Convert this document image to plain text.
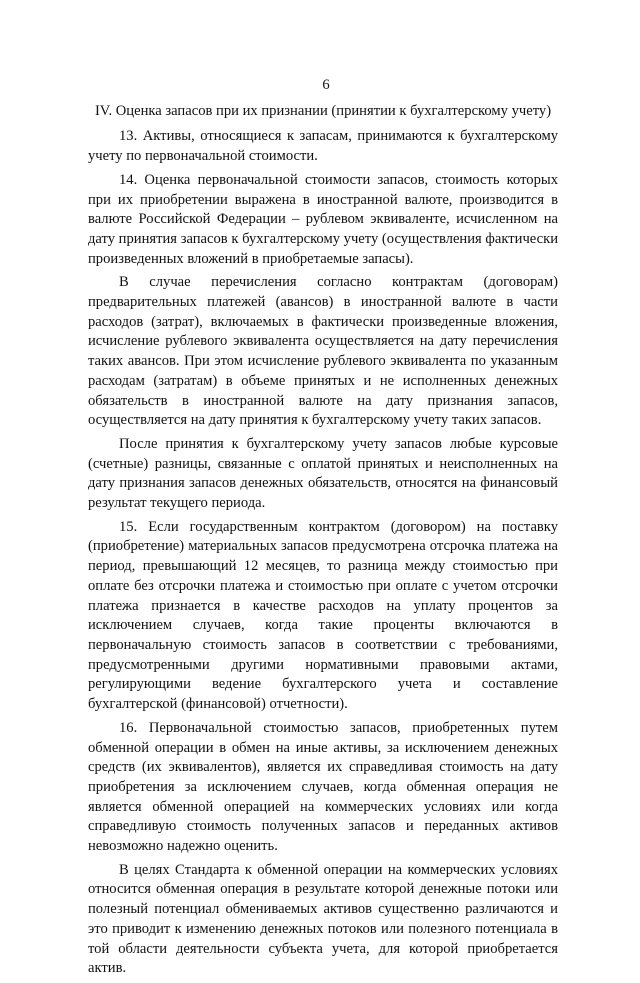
6
IV. Оценка запасов при их признании (принятии к бухгалтерскому учету)

13. Активы, относящиеся к запасам, принимаются к бухгалтерскому учету по первоначальной стоимости.

14. Оценка первоначальной стоимости запасов, стоимость которых при их приобретении выражена в иностранной валюте, производится в валюте Российской Федерации – рублевом эквиваленте, исчисленном на дату принятия запасов к бухгалтерскому учету (осуществления фактически произведенных вложений в приобретаемые запасы).

В случае перечисления согласно контрактам (договорам) предварительных платежей (авансов) в иностранной валюте в части расходов (затрат), включаемых в фактически произведенные вложения, исчисление рублевого эквивалента осуществляется на дату перечисления таких авансов. При этом исчисление рублевого эквивалента по указанным расходам (затратам) в объеме принятых и не исполненных денежных обязательств в иностранной валюте на дату признания запасов, осуществляется на дату принятия к бухгалтерскому учету таких запасов.

После принятия к бухгалтерскому учету запасов любые курсовые (счетные) разницы, связанные с оплатой принятых и неисполненных на дату признания запасов денежных обязательств, относятся на финансовый результат текущего периода.

15. Если государственным контрактом (договором) на поставку (приобретение) материальных запасов предусмотрена отсрочка платежа на период, превышающий 12 месяцев, то разница между стоимостью при оплате без отсрочки платежа и стоимостью при оплате с учетом отсрочки платежа признается в качестве расходов на уплату процентов за исключением случаев, когда такие проценты включаются в первоначальную стоимость запасов в соответствии с требованиями, предусмотренными другими нормативными правовыми актами, регулирующими ведение бухгалтерского учета и составление бухгалтерской (финансовой) отчетности).

16. Первоначальной стоимостью запасов, приобретенных путем обменной операции в обмен на иные активы, за исключением денежных средств (их эквивалентов), является их справедливая стоимость на дату приобретения за исключением случаев, когда обменная операция не является обменной операцией на коммерческих условиях или когда справедливую стоимость полученных запасов и переданных активов невозможно надежно оценить.

В целях Стандарта к обменной операции на коммерческих условиях относится обменная операция в результате которой денежные потоки или полезный потенциал обмениваемых активов существенно различаются и это приводит к изменению денежных потоков или полезного потенциала в той области деятельности субъекта учета, для которой приобретается актив.
